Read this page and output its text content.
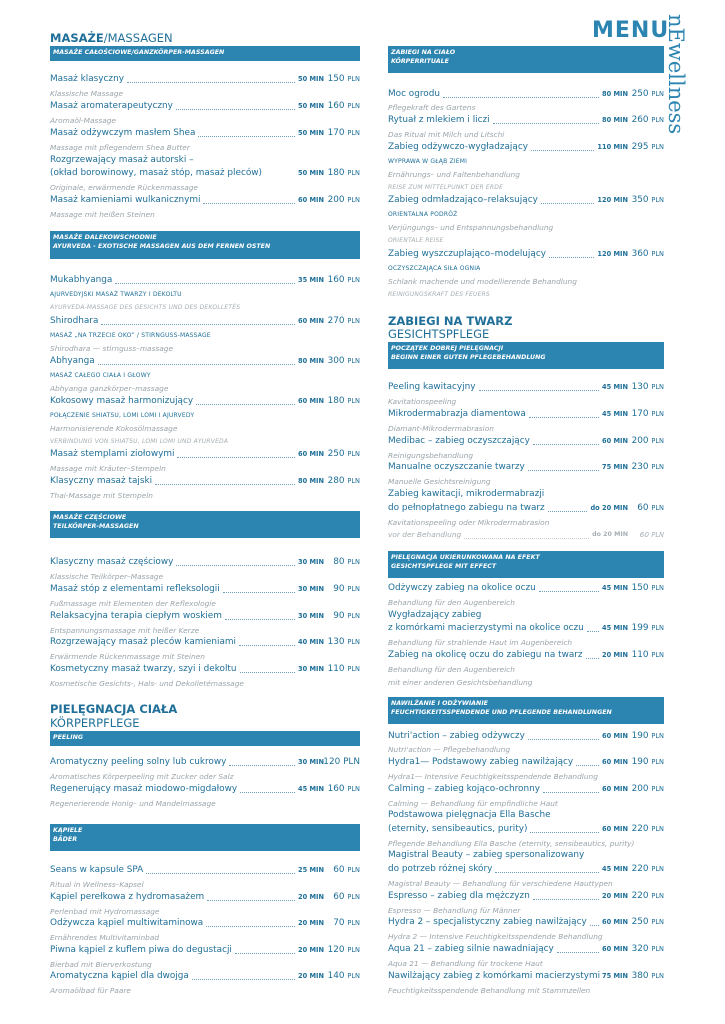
MENU
nEwellness
MASAŻE/MASSAGEN
MASAŻE CAŁOŚCIOWE/GANZKÖRPER-MASSAGEN
Masaż klasyczny	50 MIN 150 PLN
Klassische Massage
Masaż aromaterapeutyczny	50 MIN 160 PLN
Aromaöl-Massage
Masaż odżywczym masłem Shea	50 MIN 170 PLN
Massage mit pflegendem Shea Butter
Rozgrzewający masaż autorski –
(okład borowinowy, masaż stóp, masaż pleców)	50 MIN 180 PLN
Originale, erwärmende Rückenmassage
Masaż kamieniami wulkanicznymi	60 MIN 200 PLN
Massage mit heißen Steinen
MASAŻE DALEKOWSCHODNIE
AYURVEDA - EXOTISCHE MASSAGEN AUS DEM FERNEN OSTEN
Mukabhyanga	35 MIN 160 PLN
AJURVEDYJSKI MASAŻ TWARZY I DEKOLTU
AYURVEDA-MASSAGE DES GESICHTS UND DES DEKOLLETÉS
Shirodhara	60 MIN 270 PLN
MASAŻ „NA TRZECIE OKO” / STIRNGUSS-MASSAGE
Shirodhara — stirnguss–massage
Abhyanga	80 MIN 300 PLN
MASAŻ CAŁEGO CIAŁA I GŁOWY
Abhyanga ganzkörper–massage
Kokosowy masaż harmonizujący	60 MIN 180 PLN
POŁĄCZENIE SHIATSU, LOMI LOMI I AJURVEDY
Harmonisierende Kokosölmassage
VERBINDUNG VON SHIATSU, LOMI LOMI UND AYURVEDA
Masaż stemplami ziołowymi	60 MIN 250 PLN
Massage mit Kräuter–Stempeln
Klasyczny masaż tajski	80 MIN 280 PLN
Thai-Massage mit Stempeln
MASAŻE CZĘŚCIOWE
TEILKÖRPER-MASSAGEN
Klasyczny masaż częściowy	30 MIN 80 PLN
Klassische Teilkörper–Massage
Masaż stóp z elementami refleksologii	30 MIN 90 PLN
Fußmassage mit Elementen der Reflexologie
Relaksacyjna terapia ciepłym woskiem	30 MIN 90 PLN
Entspannungsmassage mit heißer Kerze
Rozgrzewający masaż pleców kamieniami	40 MIN 130 PLN
Erwärmende Rückenmassage mit Steinen
Kosmetyczny masaż twarzy, szyi i dekoltu	30 MIN 110 PLN
Kosmetische Gesichts-, Hals- und Dekolletémassage
PIELĘGNACJA CIAŁA
KÖRPERPFLEGE
PEELING
Aromatyczny peeling solny lub cukrowy	30 MIN 120 PLN
Aromatisches Körperpeeling mit Zucker oder Salz
Regenerujący masaż miodowo-migdałowy	45 MIN 160 PLN
Regenerierende Honig– und Mandelmassage
KĄPIELE
BÄDER
Seans w kapsule SPA	25 MIN 60 PLN
Ritual in Wellness–Kapsel
Kąpiel perełkowa z hydromasażem	20 MIN 60 PLN
Perlenbad mit Hydromassage
Odżywcza kąpiel multiwitaminowa	20 MIN 70 PLN
Ernährendes Multivitaminbad
Piwna kąpiel z kuflem piwa do degustacji	20 MIN 120 PLN
Bierbad mit Bierverkostung
Aromatyczna kąpiel dla dwojga	20 MIN 140 PLN
Aromaölbad für Paare
ZABIEGI NA CIAŁO
KÖRPERRITUALE
Moc ogrodu	80 MIN 250 PLN
Pflegekraft des Gartens
Rytuał z mlekiem i liczi	80 MIN 260 PLN
Das Ritual mit Milch und Litschi
Zabieg odżywczo-wygładzający	110 MIN 295 PLN
WYPRAWA W GŁĄB ZIEMI
Ernährungs– und Faltenbehandlung
REISE ZUM MITTELPUNKT DER ERDE
Zabieg odmładzająco–relaksujący	120 MIN 350 PLN
ORIENTALNA PODRÓŻ
Verjüngungs– und Entspannungsbehandlung
ORIENTALE REISE
Zabieg wyszczuplająco–modelujący	120 MIN 360 PLN
OCZYSZCZAJĄCA SIŁA OGNIA
Schlank machende und modellierende Behandlung
REINIGUNGSKRAFT DES FEUERS
ZABIEGI NA TWARZ
GESICHTSPFLEGE
POCZĄTEK DOBREJ PIELĘGNACJI
BEGINN EINER GUTEN PFLEGEBEHANDLUNG
Peeling kawitacyjny	45 MIN 130 PLN
Kavitationspeeling
Mikrodermabrazja diamentowa	45 MIN 170 PLN
Diamant-Mikrodermabrasion
Medibac – zabieg oczyszczający	60 MIN 200 PLN
Reinigungsbehandlung
Manualne oczyszczanie twarzy	75 MIN 230 PLN
Manuelle Gesichtsreinigung
Zabieg kawitacji, mikrodermabrazji
do pełnopłatnego zabiegu na twarz	do 20 MIN 60 PLN
Kavitationspeeling oder Mikrodermabrasion
vor der Behandlung	do 20 MIN 60 PLN
PIELĘGNACJA UKIERUNKOWANA NA EFEKT
GESICHTSPFLEGE MIT EFFECT
Odżywczy zabieg na okolice oczu	45 MIN 150 PLN
Behandlung für den Augenbereich
Wygładzający zabieg
z komórkami macierzystymi na okolice oczu	45 MIN 199 PLN
Behandlung für strahlende Haut im Augenbereich
Zabieg na okolicę oczu do zabiegu na twarz	20 MIN 110 PLN
Behandlung für den Augenbereich
mit einer anderen Gesichtsbehandlung
NAWILŻANIE I ODŻYWIANIE
FEUCHTIGKEITSSPENDENDE UND PFLEGENDE BEHANDLUNGEN
Nutri'action – zabieg odżywczy	60 MIN 190 PLN
Nutri'action — Pflegebehandlung
Hydra1— Podstawowy zabieg nawilżający	60 MIN 190 PLN
Hydra1— Intensive Feuchtigkeitsspendende Behandlung
Calming – zabieg kojąco-ochronny	60 MIN 200 PLN
Calming — Behandlung für empfindliche Haut
Podstawowa pielęgnacja Ella Basche
(eternity, sensibeautics, purity)	60 MIN 220 PLN
Pflegende Behandlung Ella Basche (eternity, sensibeautics, purity)
Magistral Beauty – zabieg spersonalizowany
do potrzeb różnej skóry	45 MIN 220 PLN
Magistral Beauty — Behandlung für verschiedene Hauttypen
Espresso – zabieg dla mężczyzn	20 MIN 220 PLN
Espresso — Behandlung für Männer
Hydra 2 – specjalistyczny zabieg nawilżający 60 MIN 250 PLN
Hydra 2 — Intensive Feuchtigkeitsspendende Behandlung
Aqua 21 – zabieg silnie nawadniający	60 MIN 320 PLN
Aqua 21 — Behandlung für trockene Haut
Nawilżający zabieg z komórkami macierzystymi 75 MIN 380 PLN
Feuchtigkeitsspendende Behandlung mit Stammzellen
